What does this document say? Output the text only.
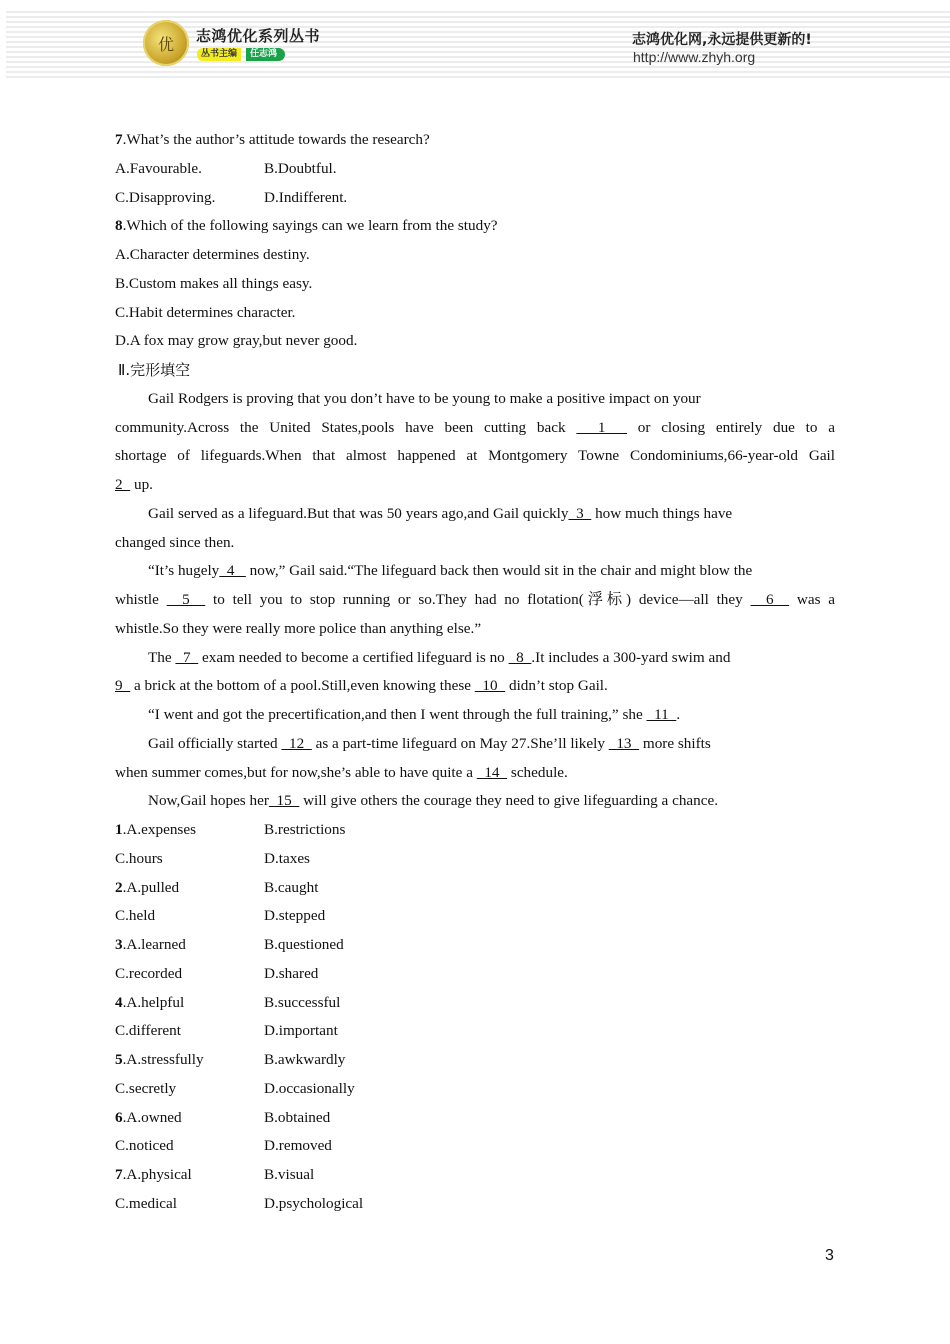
优	志鸿优化系列丛书
丛书主编	任志鸿
志鸿优化网,永远提供更新的!
http://www.zhyh.org
7.What’s the author’s attitude towards the research?
A.Favourable.	B.Doubtful.
C.Disapproving.	D.Indifferent.
8.Which of the following sayings can we learn from the study?
A.Character determines destiny.
B.Custom makes all things easy.
C.Habit determines character.
D.A fox may grow gray,but never good.
Ⅱ.完形填空
Gail Rodgers is proving that you don’t have to be young to make a positive impact on your
community.Across the United States,pools have been cutting back   1   or closing entirely due to a
shortage of lifeguards.When that almost happened at Montgomery Towne Condominiums,66-year-old Gail
2   up.
Gail served as a lifeguard.But that was 50 years ago,and Gail quickly  3   how much things have
changed since then.
“It’s hugely  4    now,” Gail said.“The lifeguard back then would sit in the chair and might blow the
whistle   5   to tell you to stop running or so.They had no flotation(浮标) device—all they   6   was a
whistle.So they were really more police than anything else.”
The   7   exam needed to become a certified lifeguard is no   8  .It includes a 300-yard swim and
9   a brick at the bottom of a pool.Still,even knowing these   10   didn’t stop Gail.
“I went and got the precertification,and then I went through the full training,” she   11  .
Gail officially started   12   as a part-time lifeguard on May 27.She’ll likely   13   more shifts
when summer comes,but for now,she’s able to have quite a   14   schedule.
Now,Gail hopes her  15   will give others the courage they need to give lifeguarding a chance.
1.A.expenses	B.restrictions
C.hours	D.taxes
2.A.pulled	B.caught
C.held	D.stepped
3.A.learned	B.questioned
C.recorded	D.shared
4.A.helpful	B.successful
C.different	D.important
5.A.stressfully	B.awkwardly
C.secretly	D.occasionally
6.A.owned	B.obtained
C.noticed	D.removed
7.A.physical	B.visual
C.medical	D.psychological
3
